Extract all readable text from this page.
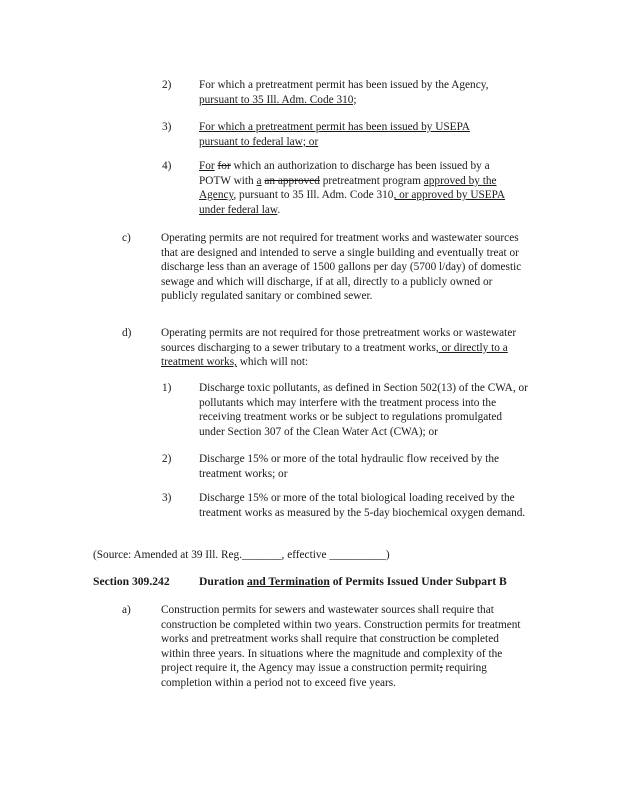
2) For which a pretreatment permit has been issued by the Agency, pursuant to 35 Ill. Adm. Code 310;
3) For which a pretreatment permit has been issued by USEPA pursuant to federal law; or
4) For for which an authorization to discharge has been issued by a POTW with a an approved pretreatment program approved by the Agency, pursuant to 35 Ill. Adm. Code 310, or approved by USEPA under federal law.
c)	Operating permits are not required for treatment works and wastewater sources that are designed and intended to serve a single building and eventually treat or discharge less than an average of 1500 gallons per day (5700 l/day) of domestic sewage and which will discharge, if at all, directly to a publicly owned or publicly regulated sanitary or combined sewer.
d)	Operating permits are not required for those pretreatment works or wastewater sources discharging to a sewer tributary to a treatment works, or directly to a treatment works, which will not:
1) Discharge toxic pollutants, as defined in Section 502(13) of the CWA, or pollutants which may interfere with the treatment process into the receiving treatment works or be subject to regulations promulgated under Section 307 of the Clean Water Act (CWA); or
2) Discharge 15% or more of the total hydraulic flow received by the treatment works; or
3) Discharge 15% or more of the total biological loading received by the treatment works as measured by the 5-day biochemical oxygen demand.
(Source: Amended at 39 Ill. Reg._______, effective __________)
Section 309.242	Duration and Termination of Permits Issued Under Subpart B
a)	Construction permits for sewers and wastewater sources shall require that construction be completed within two years. Construction permits for treatment works and pretreatment works shall require that construction be completed within three years. In situations where the magnitude and complexity of the project require it, the Agency may issue a construction permit; requiring completion within a period not to exceed five years.
